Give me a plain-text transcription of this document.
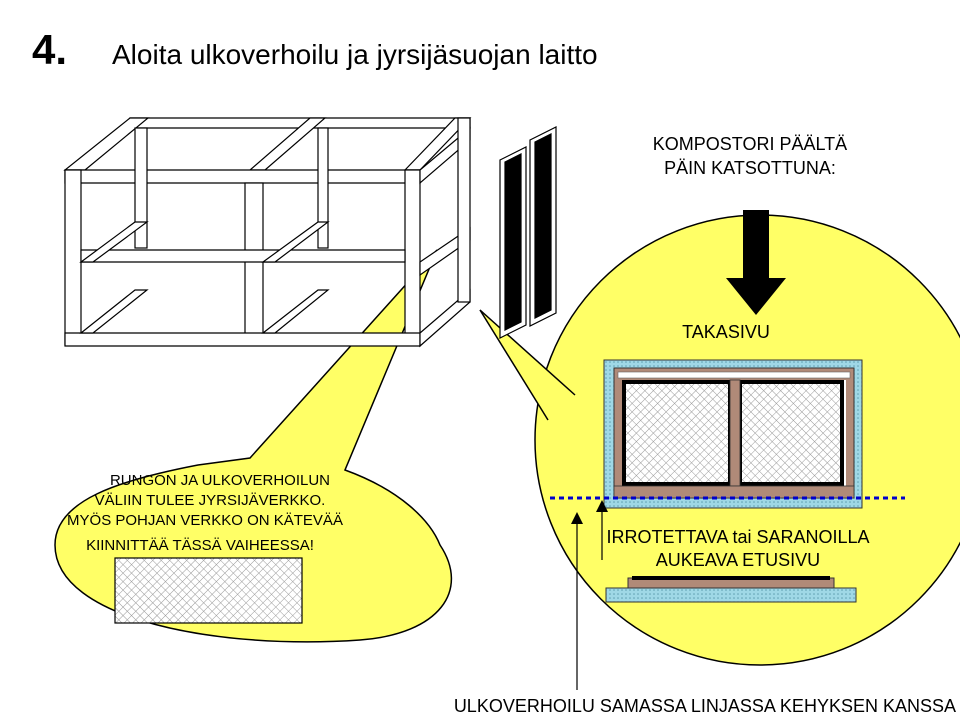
4. Aloita ulkoverhoilu ja jyrsijäsuojan laitto
RUNGON JA ULKOVERHOILUN
VÄLIIN TULEE JYRSIJÄVERKKO.
MYÖS POHJAN VERKKO ON KÄTEVÄÄ
KIINNITTÄÄ TÄSSÄ VAIHEESSA!
KOMPOSTORI PÄÄLTÄ
PÄIN KATSOTTUNA:
TAKASIVU
IRROTETTAVA tai SARANOILLA
AUKEAVA ETUSIVU
ULKOVERHOILU SAMASSA LINJASSA KEHYKSEN KANSSA
